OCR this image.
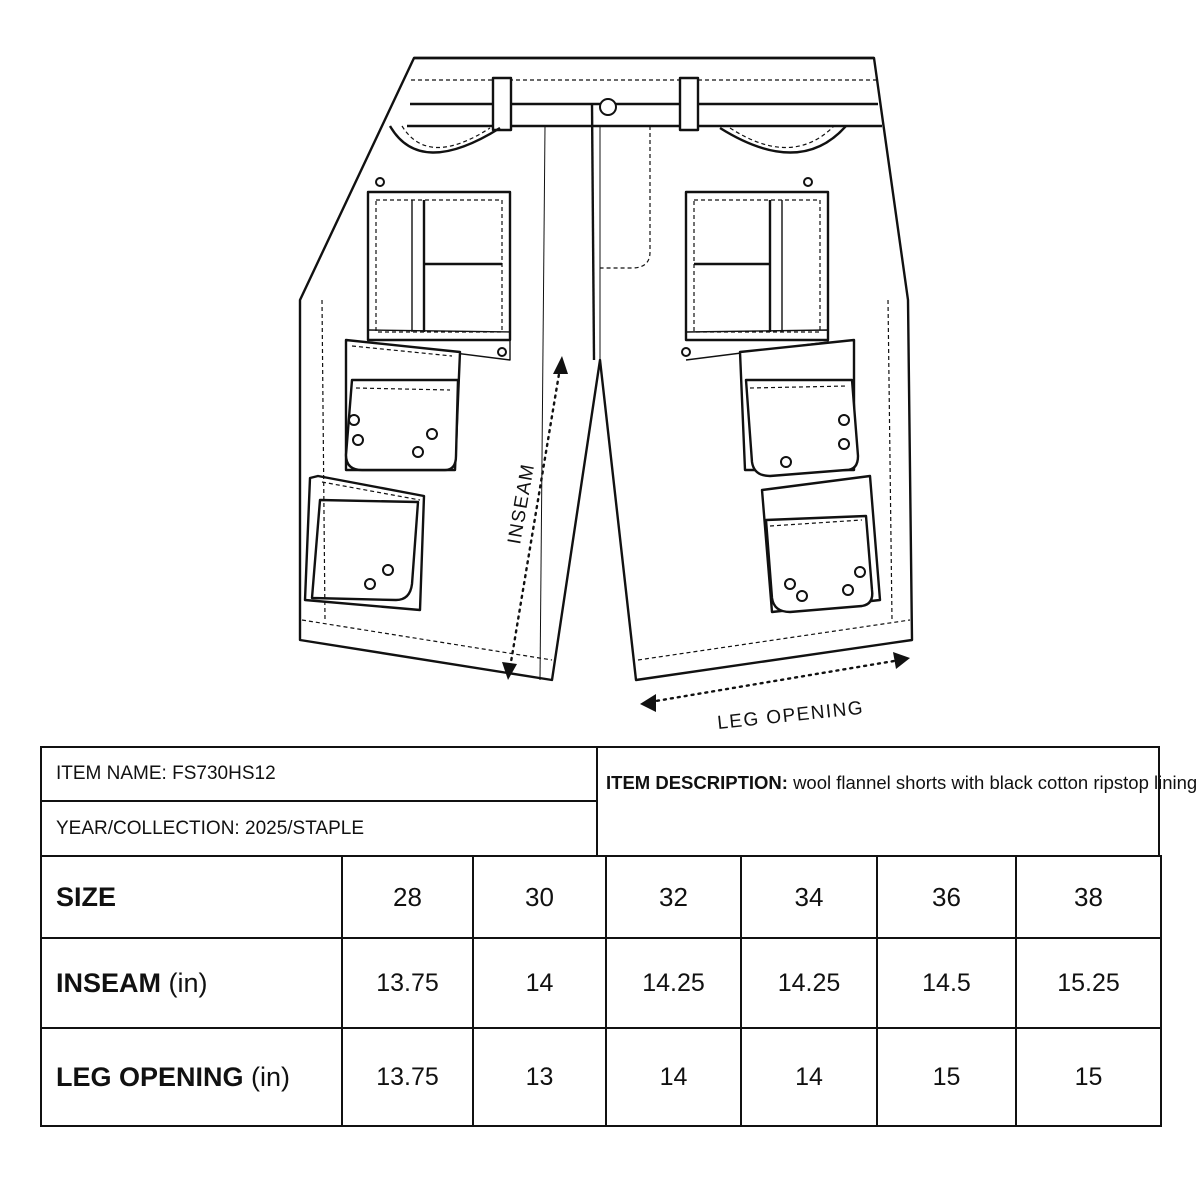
INSEAM
LEG OPENING
ITEM NAME:
FS730HS12
YEAR/COLLECTION:
2025/STAPLE
ITEM DESCRIPTION:
wool flannel shorts with black cotton ripstop lining
SIZE	28	30	32	34	36	38
INSEAM (in)	13.75	14	14.25	14.25	14.5	15.25
LEG OPENING (in)	13.75	13	14	14	15	15
